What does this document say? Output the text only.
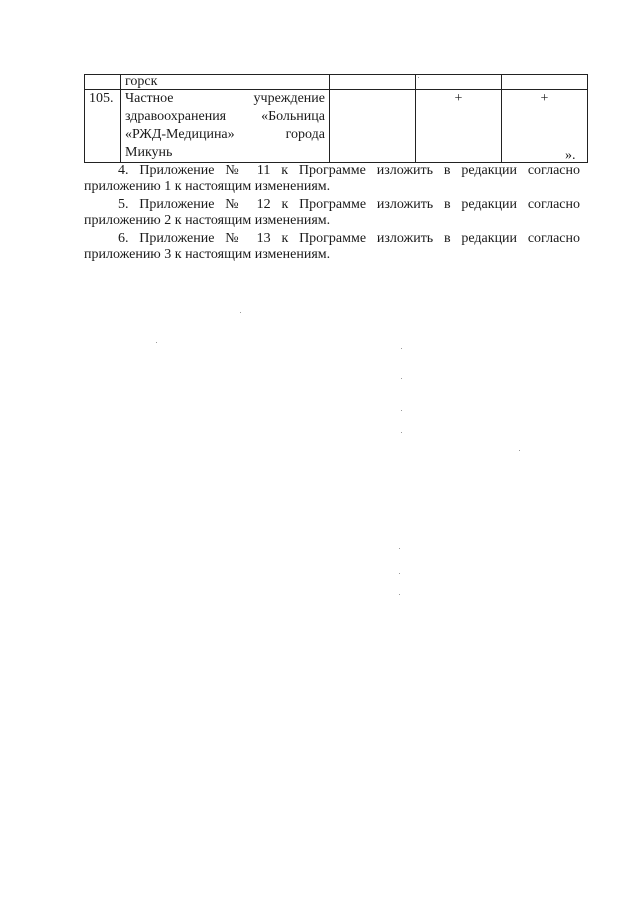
	горск			
105.	Частное учреждение здравоохранения «Больница «РЖД-Медицина» города Микунь		+	+
».

4. Приложение № 11 к Программе изложить в редакции согласно приложению 1 к настоящим изменениям.

5. Приложение № 12 к Программе изложить в редакции согласно приложению 2 к настоящим изменениям.

6. Приложение № 13 к Программе изложить в редакции согласно приложению 3 к настоящим изменениям.
